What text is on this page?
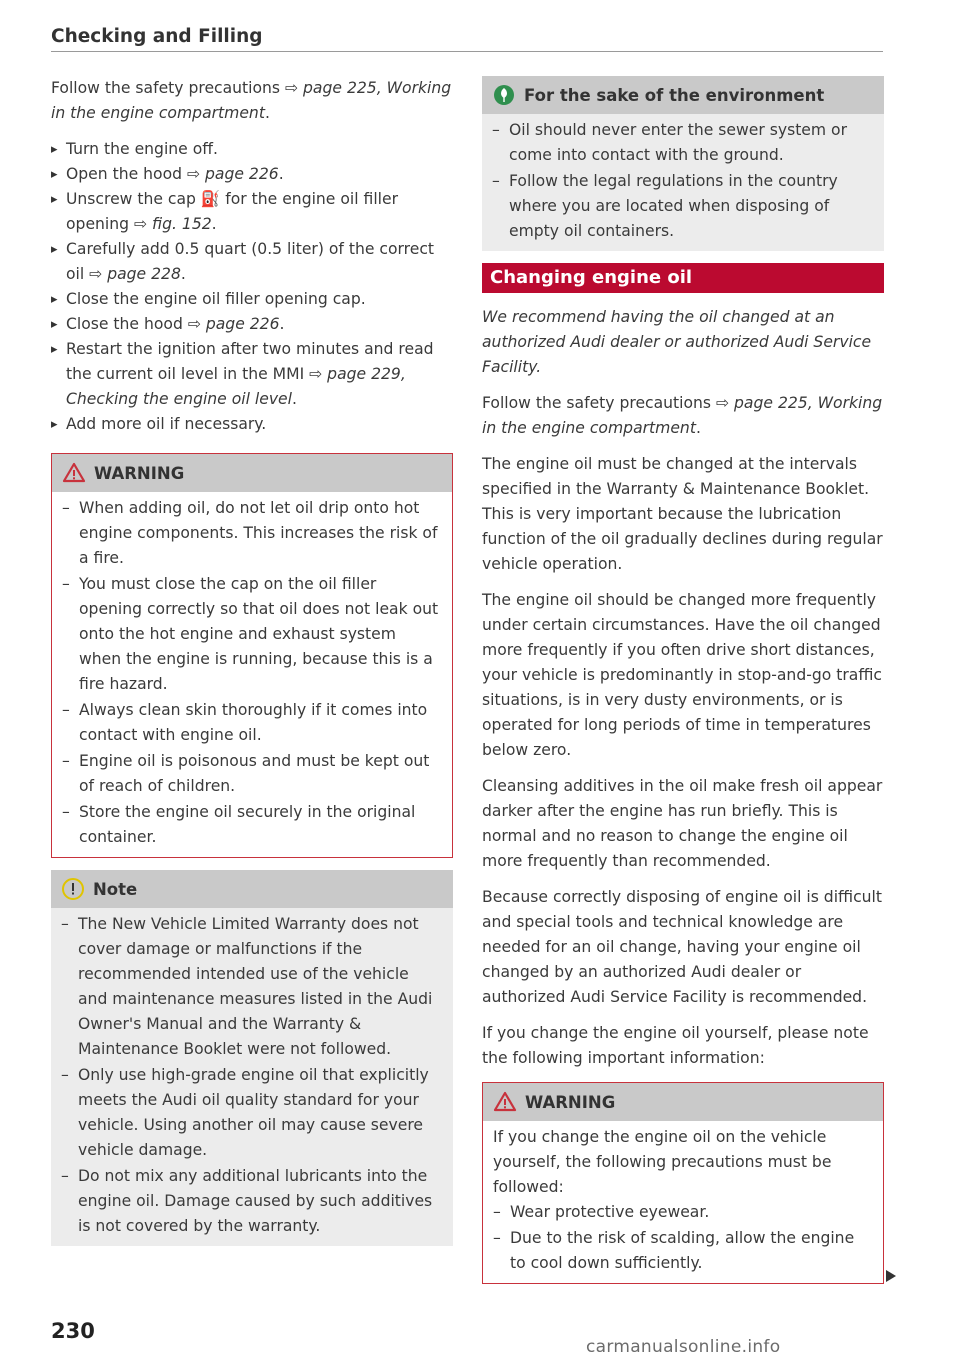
Checking and Filling

Follow the safety precautions ⇨ page 225, Working in the engine compartment.

▸ Turn the engine off.
▸ Open the hood ⇨ page 226.
▸ Unscrew the cap ⛽ for the engine oil filler opening ⇨ fig. 152.
▸ Carefully add 0.5 quart (0.5 liter) of the correct oil ⇨ page 228.
▸ Close the engine oil filler opening cap.
▸ Close the hood ⇨ page 226.
▸ Restart the ignition after two minutes and read the current oil level in the MMI ⇨ page 229, Checking the engine oil level.
▸ Add more oil if necessary.
WARNING
– When adding oil, do not let oil drip onto hot engine components. This increases the risk of a fire.
– You must close the cap on the oil filler opening correctly so that oil does not leak out onto the hot engine and exhaust system when the engine is running, because this is a fire hazard.
– Always clean skin thoroughly if it comes into contact with engine oil.
– Engine oil is poisonous and must be kept out of reach of children.
– Store the engine oil securely in the original container.
Note
– The New Vehicle Limited Warranty does not cover damage or malfunctions if the recommended intended use of the vehicle and maintenance measures listed in the Audi Owner's Manual and the Warranty & Maintenance Booklet were not followed.
– Only use high-grade engine oil that explicitly meets the Audi oil quality standard for your vehicle. Using another oil may cause severe vehicle damage.
– Do not mix any additional lubricants into the engine oil. Damage caused by such additives is not covered by the warranty.
For the sake of the environment
– Oil should never enter the sewer system or come into contact with the ground.
– Follow the legal regulations in the country where you are located when disposing of empty oil containers.
Changing engine oil

We recommend having the oil changed at an authorized Audi dealer or authorized Audi Service Facility.

Follow the safety precautions ⇨ page 225, Working in the engine compartment.

The engine oil must be changed at the intervals specified in the Warranty & Maintenance Booklet. This is very important because the lubrication function of the oil gradually declines during regular vehicle operation.

The engine oil should be changed more frequently under certain circumstances. Have the oil changed more frequently if you often drive short distances, your vehicle is predominantly in stop-and-go traffic situations, is in very dusty environments, or is operated for long periods of time in temperatures below zero.

Cleansing additives in the oil make fresh oil appear darker after the engine has run briefly. This is normal and no reason to change the engine oil more frequently than recommended.

Because correctly disposing of engine oil is difficult and special tools and technical knowledge are needed for an oil change, having your engine oil changed by an authorized Audi dealer or authorized Audi Service Facility is recommended.

If you change the engine oil yourself, please note the following important information:

WARNING

If you change the engine oil on the vehicle yourself, the following precautions must be followed:

– Wear protective eyewear.
– Due to the risk of scalding, allow the engine to cool down sufficiently.
230
carmanualsonline.info
